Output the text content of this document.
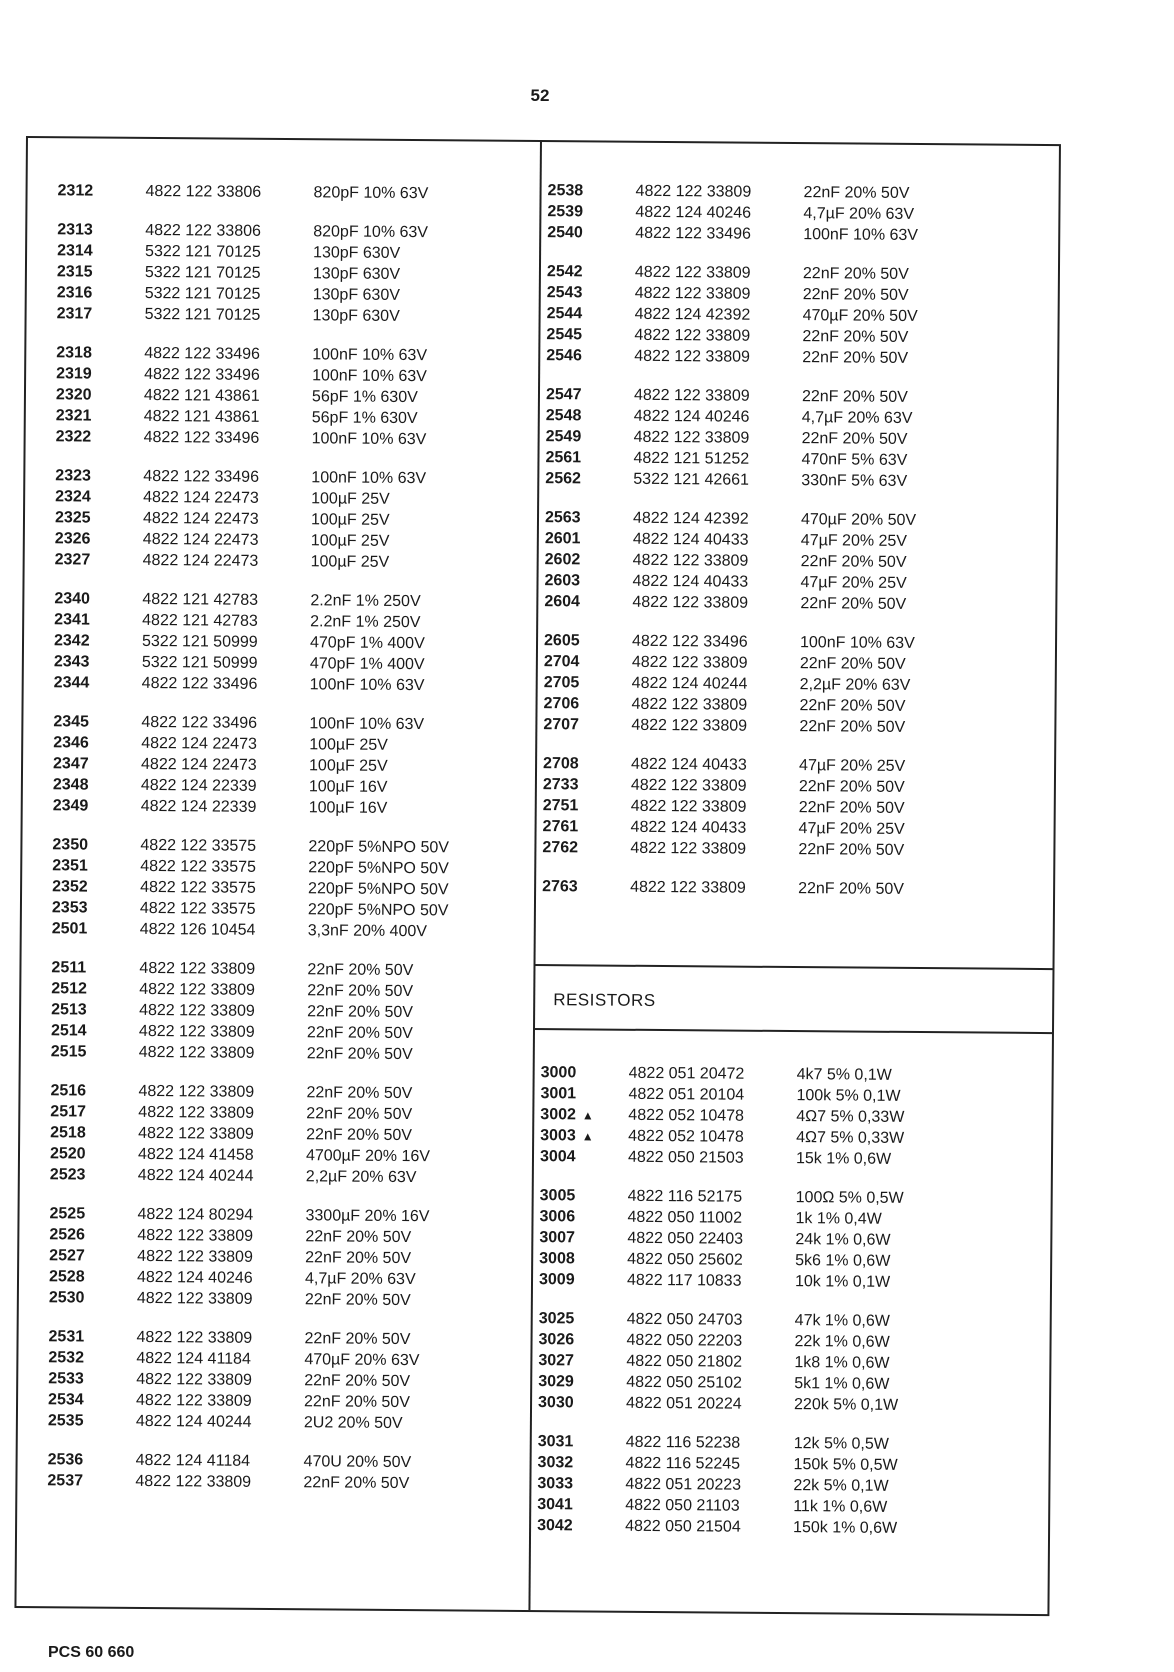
52
2312	4822 122 33806	820pF 10% 63V
2313	4822 122 33806	820pF 10% 63V
2314	5322 121 70125	130pF 630V
2315	5322 121 70125	130pF 630V
2316	5322 121 70125	130pF 630V
2317	5322 121 70125	130pF 630V
2318	4822 122 33496	100nF 10% 63V
2319	4822 122 33496	100nF 10% 63V
2320	4822 121 43861	56pF 1% 630V
2321	4822 121 43861	56pF 1% 630V
2322	4822 122 33496	100nF 10% 63V
2323	4822 122 33496	100nF 10% 63V
2324	4822 124 22473	100µF 25V
2325	4822 124 22473	100µF 25V
2326	4822 124 22473	100µF 25V
2327	4822 124 22473	100µF 25V
2340	4822 121 42783	2.2nF 1% 250V
2341	4822 121 42783	2.2nF 1% 250V
2342	5322 121 50999	470pF 1% 400V
2343	5322 121 50999	470pF 1% 400V
2344	4822 122 33496	100nF 10% 63V
2345	4822 122 33496	100nF 10% 63V
2346	4822 124 22473	100µF 25V
2347	4822 124 22473	100µF 25V
2348	4822 124 22339	100µF 16V
2349	4822 124 22339	100µF 16V
2350	4822 122 33575	220pF 5%NPO 50V
2351	4822 122 33575	220pF 5%NPO 50V
2352	4822 122 33575	220pF 5%NPO 50V
2353	4822 122 33575	220pF 5%NPO 50V
2501	4822 126 10454	3,3nF 20% 400V
2511	4822 122 33809	22nF 20% 50V
2512	4822 122 33809	22nF 20% 50V
2513	4822 122 33809	22nF 20% 50V
2514	4822 122 33809	22nF 20% 50V
2515	4822 122 33809	22nF 20% 50V
2516	4822 122 33809	22nF 20% 50V
2517	4822 122 33809	22nF 20% 50V
2518	4822 122 33809	22nF 20% 50V
2520	4822 124 41458	4700µF 20% 16V
2523	4822 124 40244	2,2µF 20% 63V
2525	4822 124 80294	3300µF 20% 16V
2526	4822 122 33809	22nF 20% 50V
2527	4822 122 33809	22nF 20% 50V
2528	4822 124 40246	4,7µF 20% 63V
2530	4822 122 33809	22nF 20% 50V
2531	4822 122 33809	22nF 20% 50V
2532	4822 124 41184	470µF 20% 63V
2533	4822 122 33809	22nF 20% 50V
2534	4822 122 33809	22nF 20% 50V
2535	4822 124 40244	2U2 20% 50V
2536	4822 124 41184	470U 20% 50V
2537	4822 122 33809	22nF 20% 50V
2538	4822 122 33809	22nF 20% 50V
2539	4822 124 40246	4,7µF 20% 63V
2540	4822 122 33496	100nF 10% 63V
2542	4822 122 33809	22nF 20% 50V
2543	4822 122 33809	22nF 20% 50V
2544	4822 124 42392	470µF 20% 50V
2545	4822 122 33809	22nF 20% 50V
2546	4822 122 33809	22nF 20% 50V
2547	4822 122 33809	22nF 20% 50V
2548	4822 124 40246	4,7µF 20% 63V
2549	4822 122 33809	22nF 20% 50V
2561	4822 121 51252	470nF 5% 63V
2562	5322 121 42661	330nF 5% 63V
2563	4822 124 42392	470µF 20% 50V
2601	4822 124 40433	47µF 20% 25V
2602	4822 122 33809	22nF 20% 50V
2603	4822 124 40433	47µF 20% 25V
2604	4822 122 33809	22nF 20% 50V
2605	4822 122 33496	100nF 10% 63V
2704	4822 122 33809	22nF 20% 50V
2705	4822 124 40244	2,2µF 20% 63V
2706	4822 122 33809	22nF 20% 50V
2707	4822 122 33809	22nF 20% 50V
2708	4822 124 40433	47µF 20% 25V
2733	4822 122 33809	22nF 20% 50V
2751	4822 122 33809	22nF 20% 50V
2761	4822 124 40433	47µF 20% 25V
2762	4822 122 33809	22nF 20% 50V
2763	4822 122 33809	22nF 20% 50V
RESISTORS
3000	4822 051 20472	4k7 5% 0,1W
3001	4822 051 20104	100k 5% 0,1W
3002 ▲	4822 052 10478	4Ω7 5% 0,33W
3003 ▲	4822 052 10478	4Ω7 5% 0,33W
3004	4822 050 21503	15k 1% 0,6W
3005	4822 116 52175	100Ω 5% 0,5W
3006	4822 050 11002	1k 1% 0,4W
3007	4822 050 22403	24k 1% 0,6W
3008	4822 050 25602	5k6 1% 0,6W
3009	4822 117 10833	10k 1% 0,1W
3025	4822 050 24703	47k 1% 0,6W
3026	4822 050 22203	22k 1% 0,6W
3027	4822 050 21802	1k8 1% 0,6W
3029	4822 050 25102	5k1 1% 0,6W
3030	4822 051 20224	220k 5% 0,1W
3031	4822 116 52238	12k 5% 0,5W
3032	4822 116 52245	150k 5% 0,5W
3033	4822 051 20223	22k 5% 0,1W
3041	4822 050 21103	11k 1% 0,6W
3042	4822 050 21504	150k 1% 0,6W
PCS 60 660
